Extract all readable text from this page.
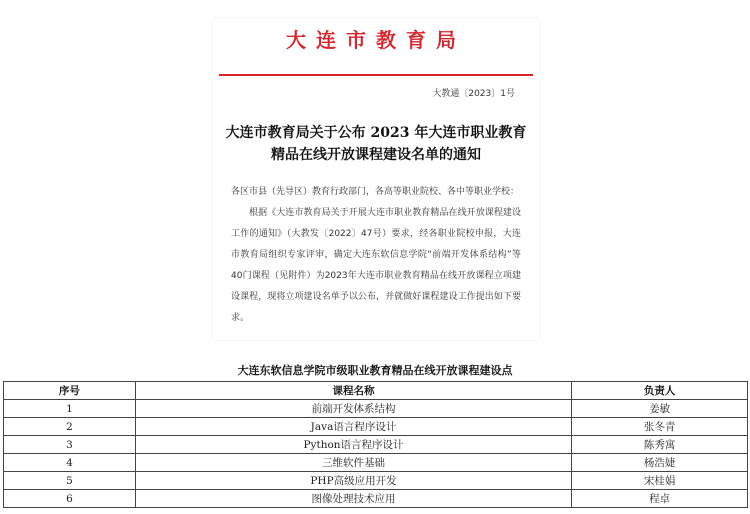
大连市教育局
大教通〔2023〕1号
大连市教育局关于公布 2023 年大连市职业教育精品在线开放课程建设名单的通知

各区市县（先导区）教育行政部门，各高等职业院校、各中等职业学校：

根据《大连市教育局关于开展大连市职业教育精品在线开放课程建设工作的通知》（大教发〔2022〕47号）要求，经各职业院校申报，大连市教育局组织专家评审，确定大连东软信息学院“前端开发体系结构”等40门课程（见附件）为2023年大连市职业教育精品在线开放课程立项建设课程，现将立项建设名单予以公布，并就做好课程建设工作提出如下要求。

大连东软信息学院市级职业教育精品在线开放课程建设点
序号	课程名称	负责人
1	前端开发体系结构	姜敏
2	Java语言程序设计	张冬青
3	Python语言程序设计	陈秀寓
4	三维软件基础	杨浩婕
5	PHP高级应用开发	宋桂娟
6	图像处理技术应用	程卓
